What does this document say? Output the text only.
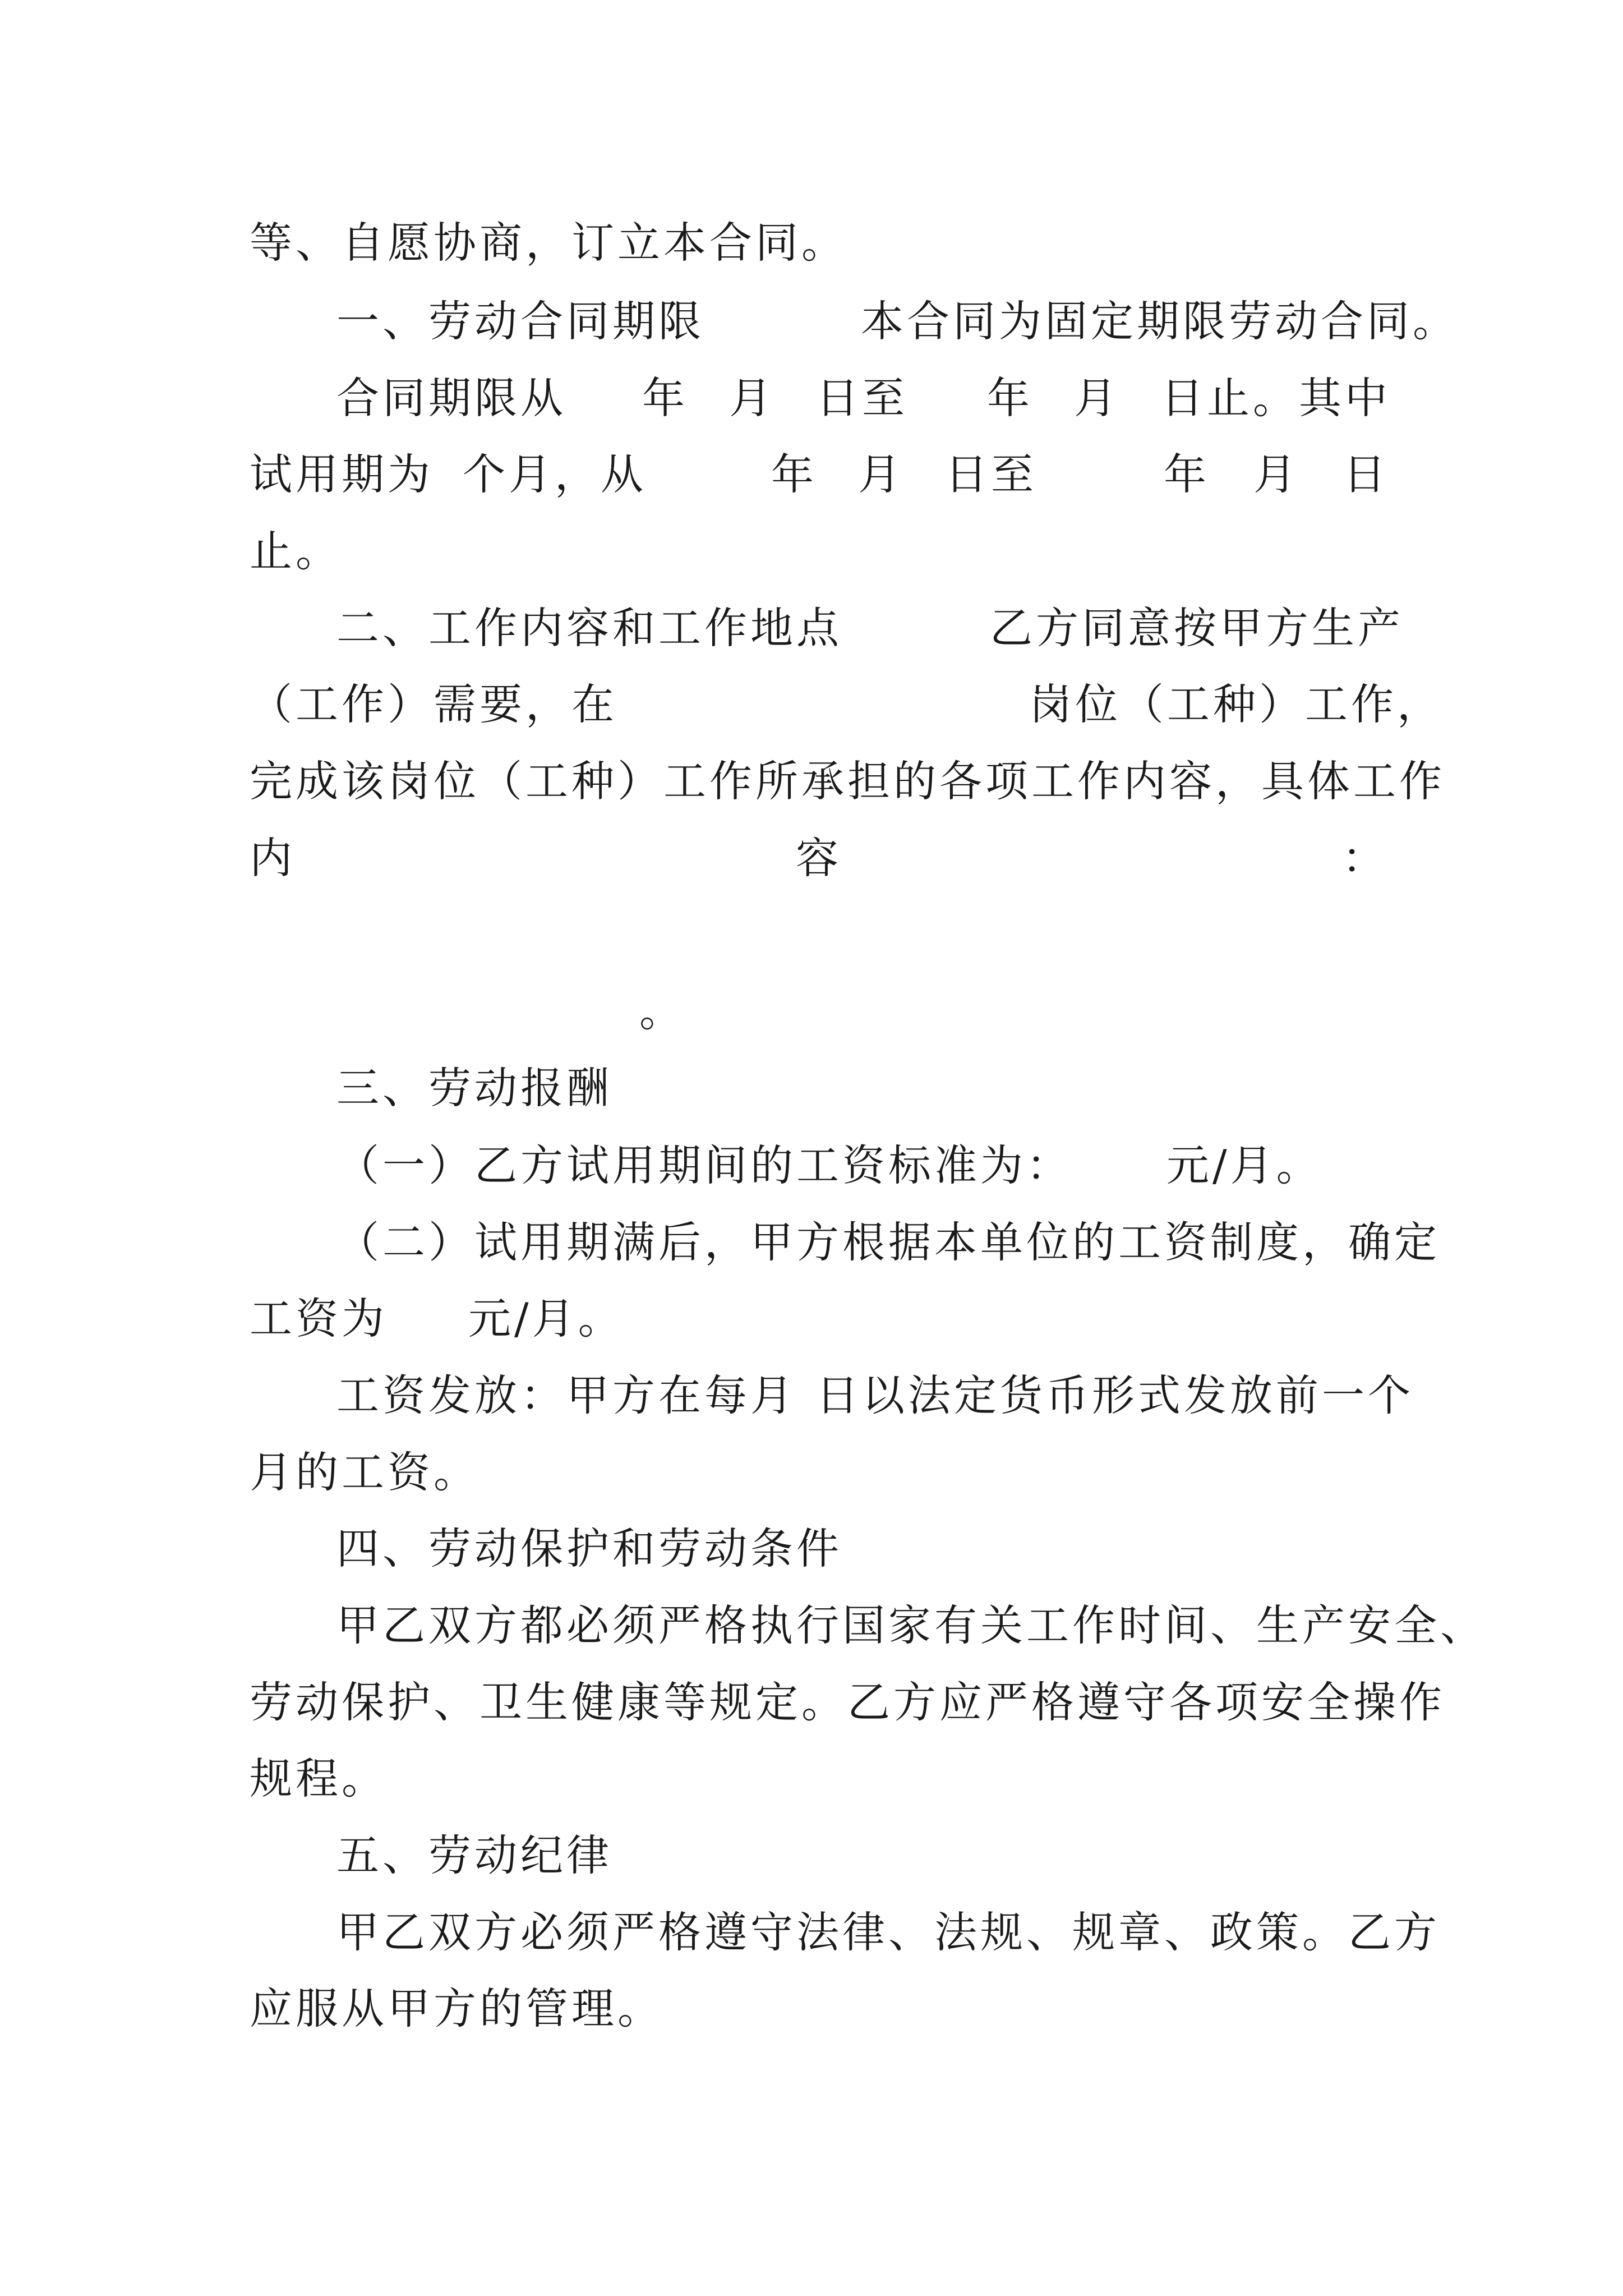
等、自愿协商，订立本合同。
一、劳动合同期限	本合同为固定期限劳动合同。
合同期限从 年 月 日至 年 月 日止。其中
试用期为 个月，从	年 月 日至	年 月 日
止。
二、工作内容和工作地点	乙方同意按甲方生产
（工作）需要，在	岗位（工种）工作，
完成该岗位（工种）工作所承担的各项工作内容，具体工作
内	容	：
。
三、劳动报酬
（一）乙方试用期间的工资标准为： 元/月。
（二）试用期满后，甲方根据本单位的工资制度，确定
工资为 元/月。
工资发放：甲方在每月 日以法定货币形式发放前一个
月的工资。
四、劳动保护和劳动条件
甲乙双方都必须严格执行国家有关工作时间、生产安全、
劳动保护、卫生健康等规定。乙方应严格遵守各项安全操作
规程。
五、劳动纪律
甲乙双方必须严格遵守法律、法规、规章、政策。乙方
应服从甲方的管理。
